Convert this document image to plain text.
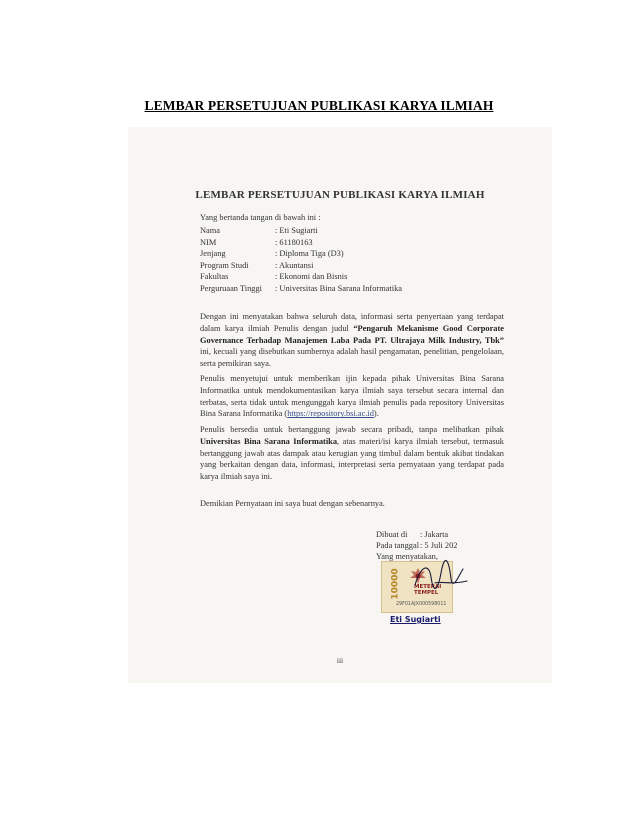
LEMBAR PERSETUJUAN PUBLIKASI KARYA ILMIAH
LEMBAR PERSETUJUAN PUBLIKASI KARYA ILMIAH
Yang bertanda tangan di bawah ini :
Nama	: Eti Sugiarti
NIM	: 61180163
Jenjang	: Diploma Tiga (D3)
Program Studi	: Akuntansi
Fakultas	: Ekonomi dan Bisnis
Perguruaan Tinggi	: Universitas Bina Sarana Informatika
Dengan ini menyatakan bahwa seluruh data, informasi serta penyertaan yang terdapat dalam karya ilmiah Penulis dengan judul “Pengaruh Mekanisme Good Corporate Governance Terhadap Manajemen Laba Pada PT. Ultrajaya Milk Industry, Tbk” ini, kecuali yang disebutkan sumbernya adalah hasil pengamatan, penelitian, pengelolaan, serta pemikiran saya.
Penulis menyetujui untuk memberikan ijin kepada pihak Universitas Bina Sarana Informatika untuk mendokumentasikan karya ilmiah saya tersebut secara internal dan terbatas, serta tidak untuk mengunggah karya ilmiah penulis pada repository Universitas Bina Sarana Informatika (https://repository.bsi.ac.id).
Penulis bersedia untuk bertanggung jawab secara pribadi, tanpa melibatkan pihak Universitas Bina Sarana Informatika, atas materi/isi karya ilmiah tersebut, termasuk bertanggung jawab atas dampak atau kerugian yang timbul dalam bentuk akibat tindakan yang berkaitan dengan data, informasi, interpretasi serta pernyataan yang terdapat pada karya ilmiah saya ini.
Demikian Pernyataan ini saya buat dengan sebenarnya.
Dibuat di	: Jakarta
Pada tanggal : 5 Juli 202
Yang menyatakan,
10000 METERAI
TEMPEL
29F01AJX000598011
Eti Sugiarti
iii
